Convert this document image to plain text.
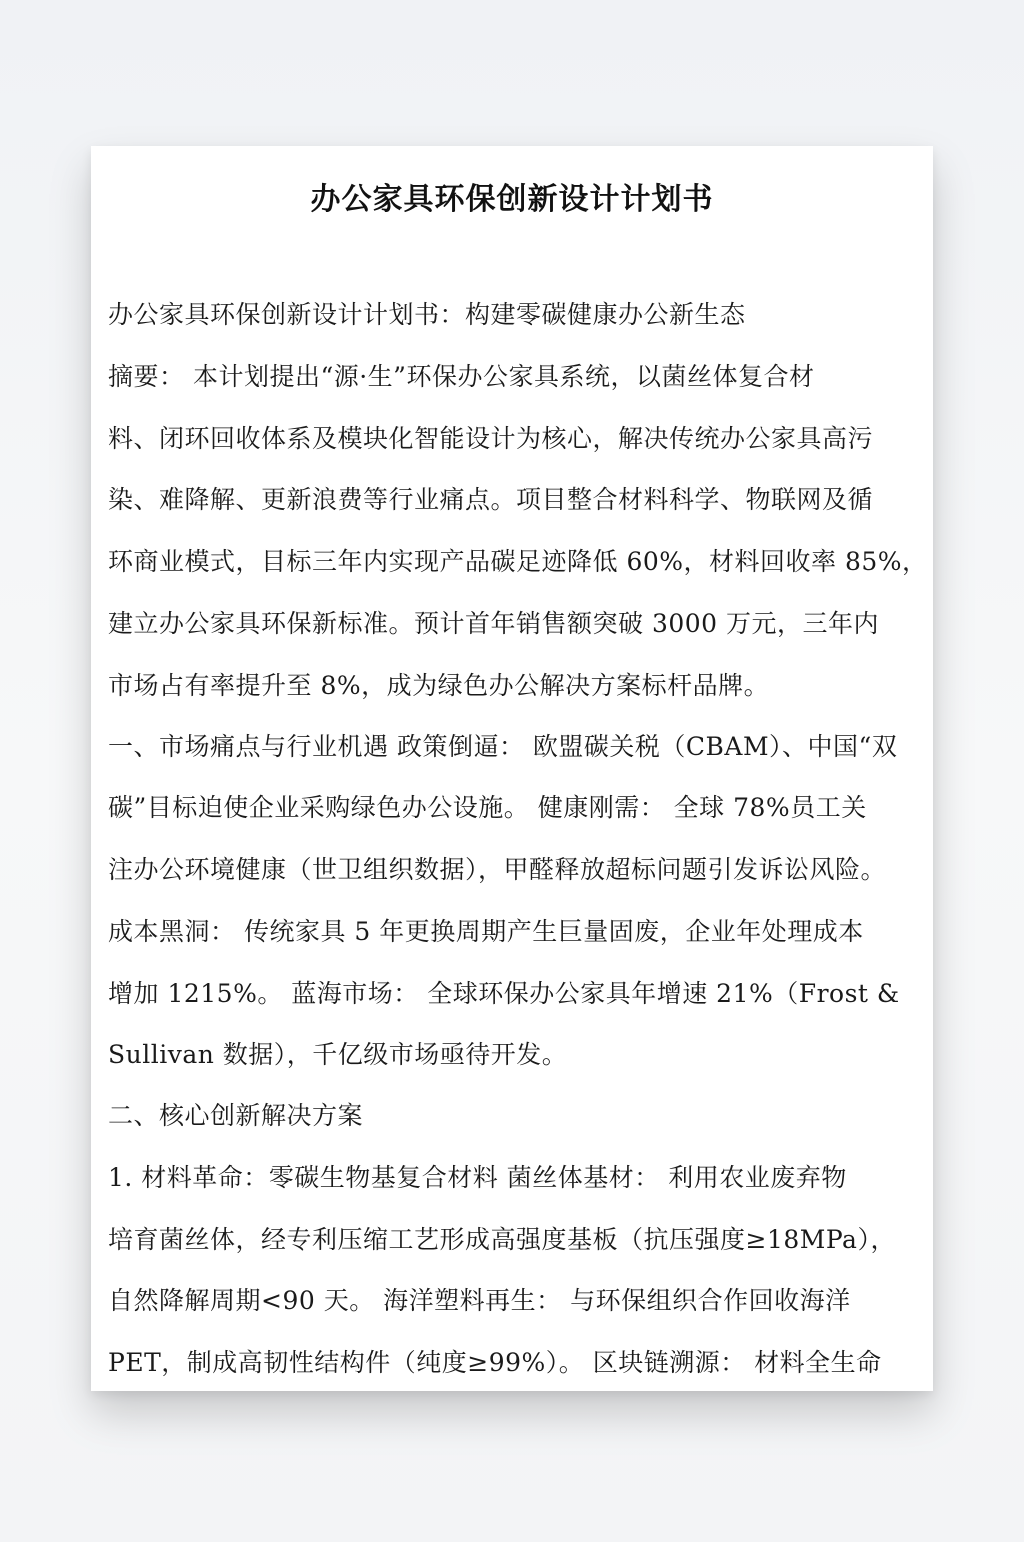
办公家具环保创新设计计划书
办公家具环保创新设计计划书：构建零碳健康办公新生态
摘要： 本计划提出“源·生”环保办公家具系统，以菌丝体复合材
料、闭环回收体系及模块化智能设计为核心，解决传统办公家具高污
染、难降解、更新浪费等行业痛点。项目整合材料科学、物联网及循
环商业模式，目标三年内实现产品碳足迹降低 60%，材料回收率 85%，
建立办公家具环保新标准。预计首年销售额突破 3000 万元，三年内
市场占有率提升至 8%，成为绿色办公解决方案标杆品牌。
一、市场痛点与行业机遇 政策倒逼： 欧盟碳关税（CBAM）、中国“双
碳”目标迫使企业采购绿色办公设施。 健康刚需： 全球 78%员工关
注办公环境健康（世卫组织数据），甲醛释放超标问题引发诉讼风险。
成本黑洞： 传统家具 5 年更换周期产生巨量固废，企业年处理成本
增加 1215%。 蓝海市场： 全球环保办公家具年增速 21%（Frost &
Sullivan 数据），千亿级市场亟待开发。
二、核心创新解决方案
1. 材料革命：零碳生物基复合材料 菌丝体基材： 利用农业废弃物
培育菌丝体，经专利压缩工艺形成高强度基板（抗压强度≥18MPa），
自然降解周期<90 天。 海洋塑料再生： 与环保组织合作回收海洋
PET，制成高韧性结构件（纯度≥99%）。 区块链溯源： 材料全生命
